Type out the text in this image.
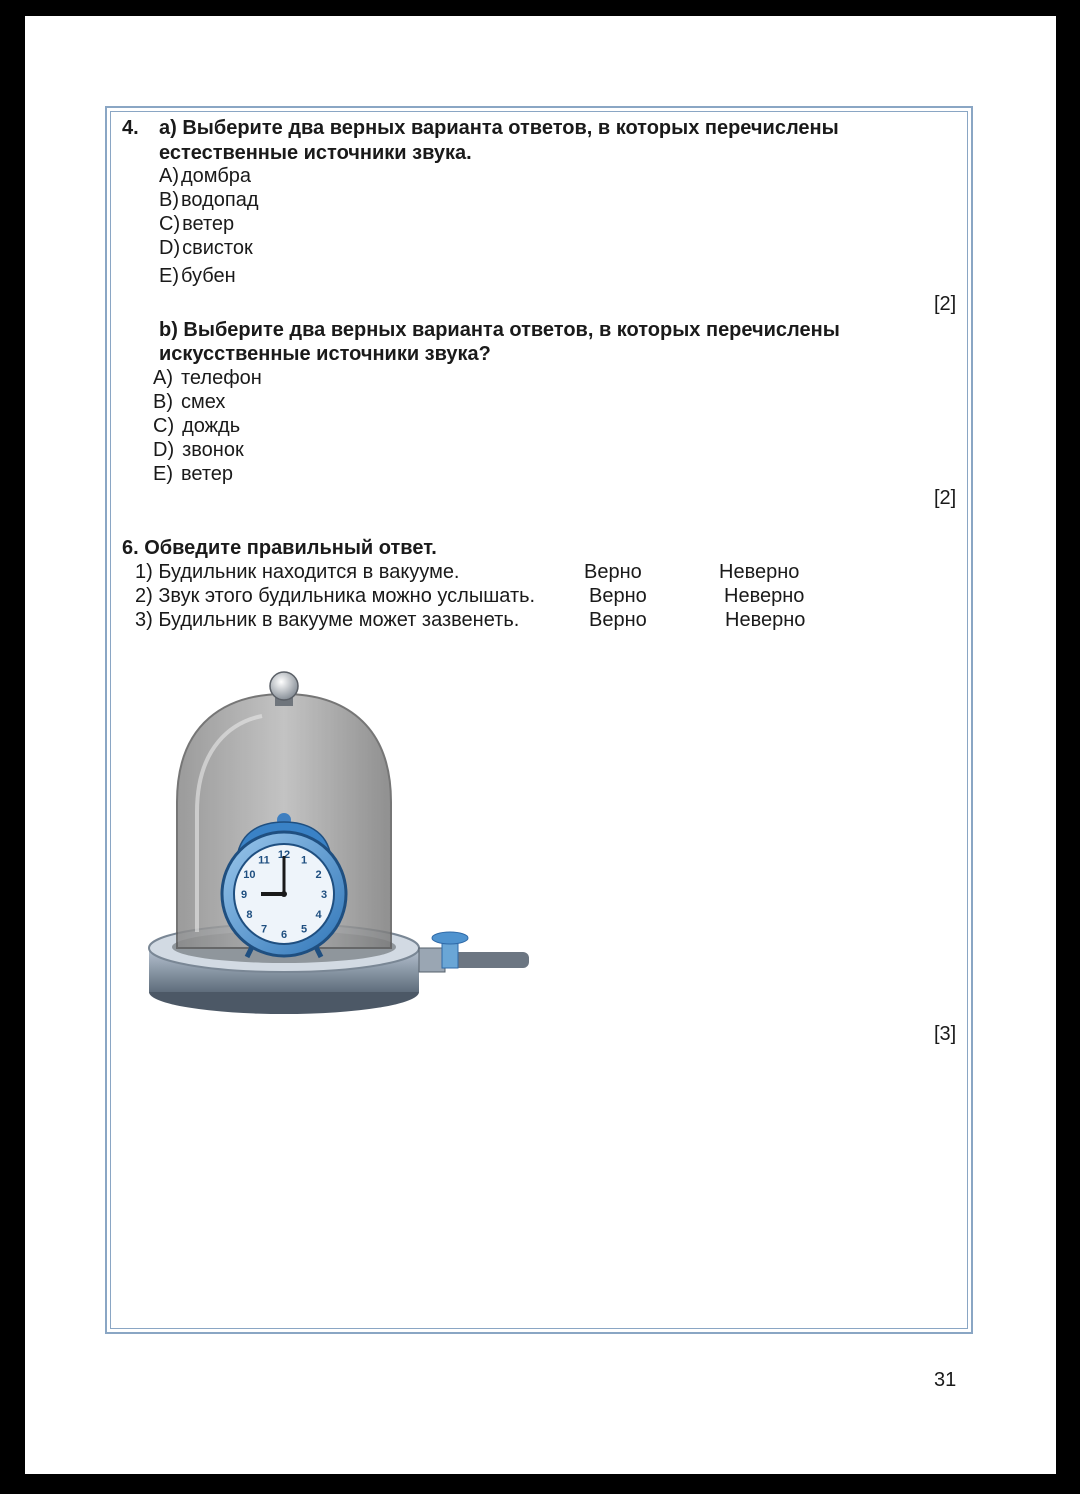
4. a) Выберите два верных варианта ответов, в которых перечислены
естественные источники звука.
A) домбра
B) водопад
C) ветер
D) свисток
E) бубен
[2]
b) Выберите два верных варианта ответов, в которых перечислены
искусственные источники звука?
A) телефон
B) смех
C) дождь
D) звонок
E) ветер
[2]
6. Обведите правильный ответ.
1) Будильник находится в вакууме.	Верно	Неверно
2) Звук этого будильника можно услышать.	Верно	Неверно
3) Будильник в вакууме может зазвенеть.	Верно	Неверно
12 1
2
3
4
5
6
7
8
9
10
11
[3]
31
